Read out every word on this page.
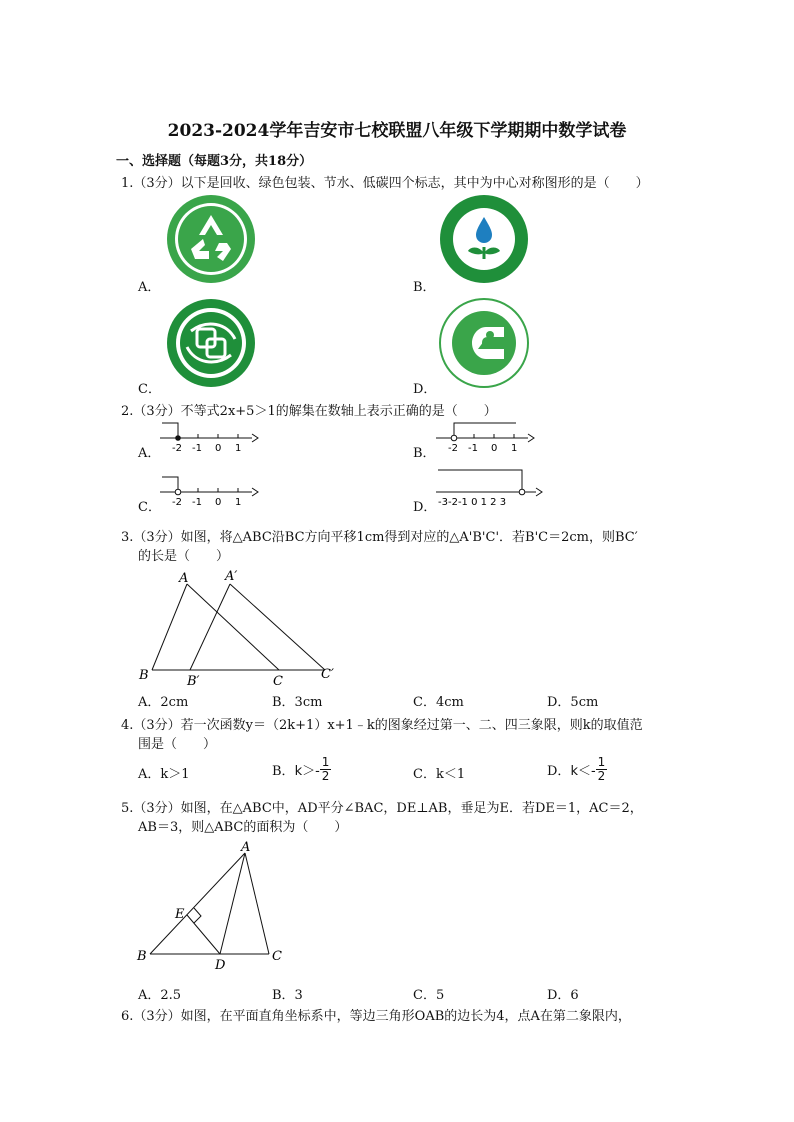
2023-2024学年吉安市七校联盟八年级下学期期中数学试卷
一、选择题（每题3分，共18分）
1.（3分）以下是回收、绿色包装、节水、低碳四个标志，其中为中心对称图形的是（　　）
A．	B．
C．	D．
2.（3分）不等式2x+5＞1的解集在数轴上表示正确的是（　　）
A． -2 -1 0 1	B． -2 -1 0 1
C． -2 -1 0 1	D． -3-2-1 0 1 2 3
3.（3分）如图，将△ABC沿BC方向平移1cm得到对应的△A'B'C'．若B'C＝2cm，则BC′
的长是（　　）
A	A′
B	B′	C	C′
A．2cm	B．3cm	C．4cm	D．5cm
4.（3分）若一次函数y＝（2k+1）x+1﹣k的图象经过第一、二、四三象限，则k的取值范
围是（　　）
A．k＞1	B．$k>- \frac{1}{2}$	C．k＜1	D．$k<- \frac{1}{2}$
5.（3分）如图，在△ABC中，AD平分∠BAC，DE⊥AB，垂足为E．若DE＝1，AC＝2，
AB＝3，则△ABC的面积为（　　）
A
B	C
D
E
A．2.5	B．3	C．5	D．6
6.（3分）如图，在平面直角坐标系中，等边三角形OAB的边长为4，点A在第二象限内，
